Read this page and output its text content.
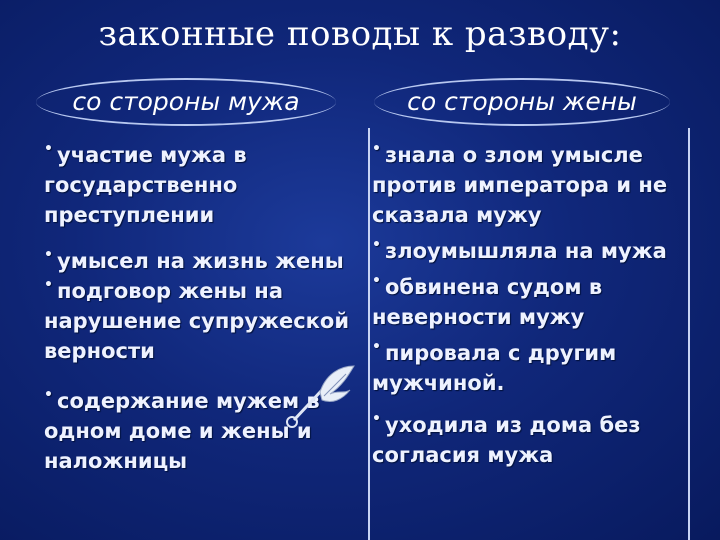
законные поводы к разводу:
со стороны мужа	со стороны жены
• участие мужа в государственно преступлении
• умысел на жизнь жены
• подговор жены на нарушение супружеской верности
• содержание мужем в одном доме и жены и наложницы
• знала о злом умысле против императора и не сказала мужу
• злоумышляла на мужа
• обвинена судом в неверности мужу
• пировала с другим мужчиной.
• уходила из дома без согласия мужа
